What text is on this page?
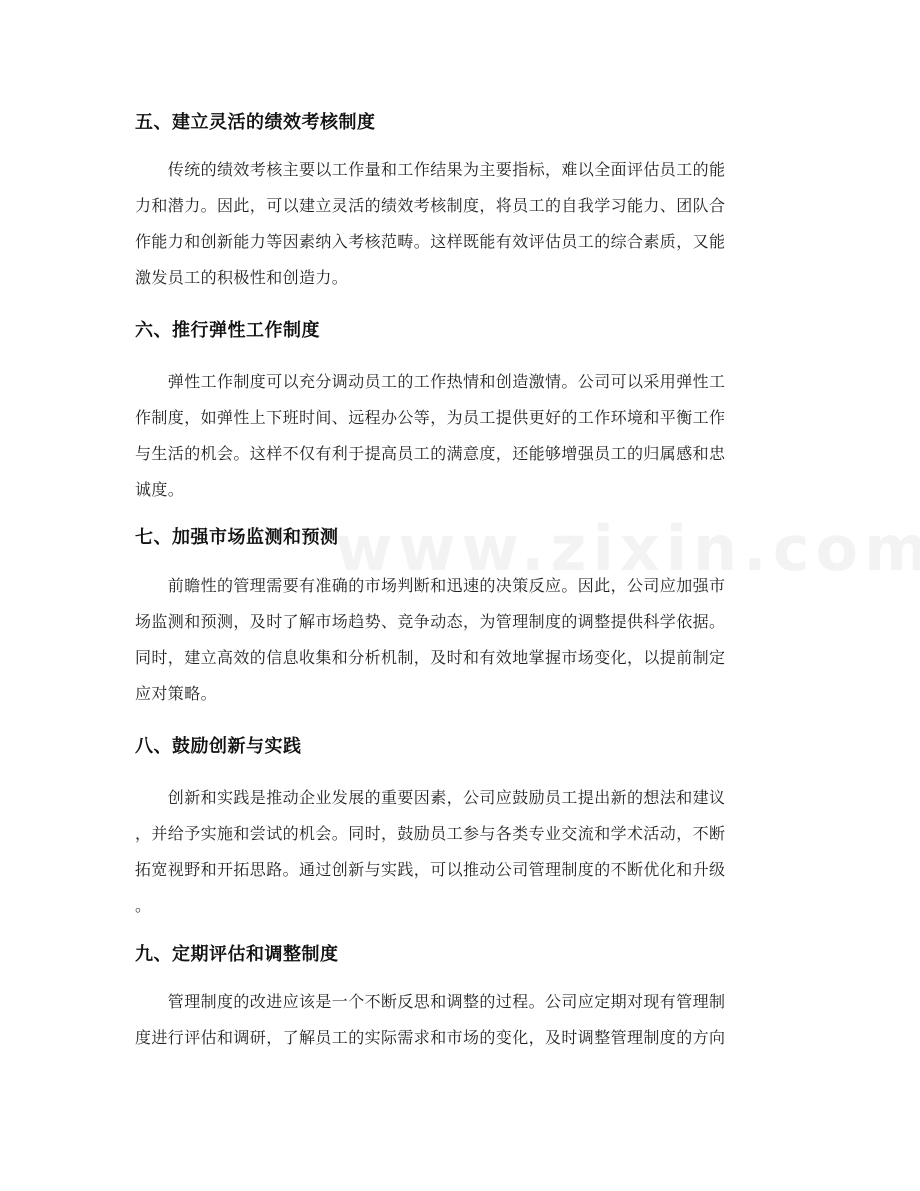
五、建立灵活的绩效考核制度
　　传统的绩效考核主要以工作量和工作结果为主要指标，难以全面评估员工的能
力和潜力。因此，可以建立灵活的绩效考核制度，将员工的自我学习能力、团队合
作能力和创新能力等因素纳入考核范畴。这样既能有效评估员工的综合素质，又能
激发员工的积极性和创造力。
六、推行弹性工作制度
　　弹性工作制度可以充分调动员工的工作热情和创造激情。公司可以采用弹性工
作制度，如弹性上下班时间、远程办公等，为员工提供更好的工作环境和平衡工作
与生活的机会。这样不仅有利于提高员工的满意度，还能够增强员工的归属感和忠
诚度。
七、加强市场监测和预测
　　前瞻性的管理需要有准确的市场判断和迅速的决策反应。因此，公司应加强市
场监测和预测，及时了解市场趋势、竞争动态，为管理制度的调整提供科学依据。
同时，建立高效的信息收集和分析机制，及时和有效地掌握市场变化，以提前制定
应对策略。
八、鼓励创新与实践
　　创新和实践是推动企业发展的重要因素，公司应鼓励员工提出新的想法和建议
，并给予实施和尝试的机会。同时，鼓励员工参与各类专业交流和学术活动，不断
拓宽视野和开拓思路。通过创新与实践，可以推动公司管理制度的不断优化和升级
。
九、定期评估和调整制度
　　管理制度的改进应该是一个不断反思和调整的过程。公司应定期对现有管理制
度进行评估和调研，了解员工的实际需求和市场的变化，及时调整管理制度的方向
